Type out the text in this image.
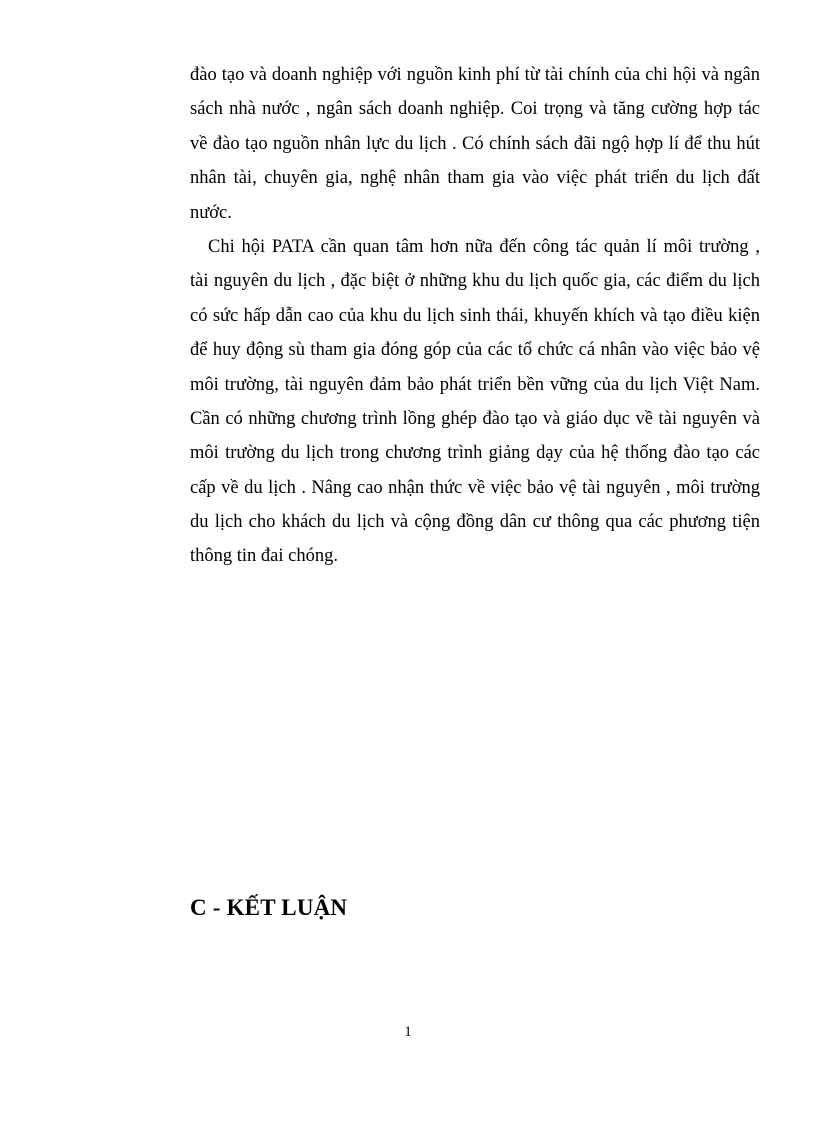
đào tạo và doanh nghiệp với nguồn kinh phí từ tài chính của chi hội và ngân
sách nhà nước , ngân sách doanh nghiệp. Coi trọng và tăng cường hợp tác
về đào tạo nguồn nhân lực du lịch . Có chính sách đãi ngộ hợp lí để thu hút
nhân tài, chuyên gia, nghệ nhân tham gia vào việc phát triển du lịch đất
nước.
Chi hội PATA cần quan tâm hơn nữa đến công tác quản lí môi trường ,
tài nguyên du lịch , đặc biệt ở những khu du lịch quốc gia, các điểm du lịch
có sức hấp dẫn cao của khu du lịch sinh thái, khuyến khích và tạo điều kiện
để huy động sù tham gia đóng góp của các tổ chức cá nhân vào việc bảo vệ
môi trường, tài nguyên đảm bảo phát triển bền vững của du lịch Việt Nam.
Cần có những chương trình lồng ghép đào tạo và giáo dục về tài nguyên và
môi trường du lịch trong chương trình giảng dạy của hệ thống đào tạo các
cấp về du lịch . Nâng cao nhận thức về việc bảo vệ tài nguyên , môi trường
du lịch cho khách du lịch và cộng đồng dân cư thông qua các phương tiện
thông tin đai chóng.
C - KẾT LUẬN
1
